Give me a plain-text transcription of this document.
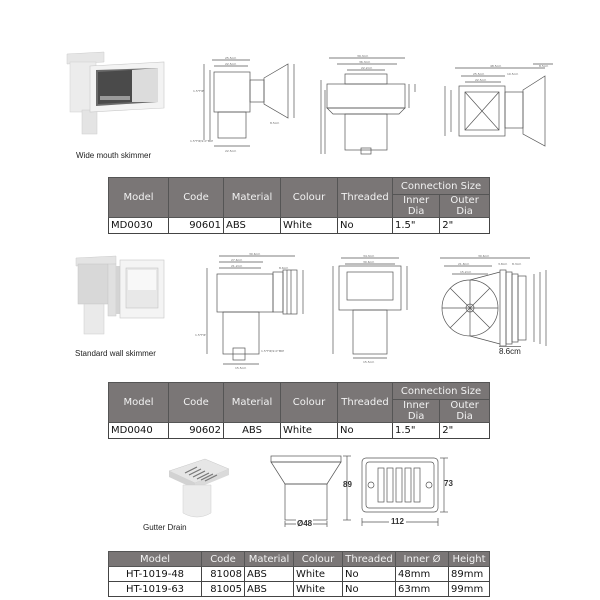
Wide mouth skimmer
25.5cm
22.5cm
1.5"FIP
1.5"FIP/2.0"MIP
22.5cm
8.5cm
39.3cm
36.3cm
22.2cm	48.5cm
25.5cm
22.5cm
10.5cm
8.5cm
Model	Code	Material	Colour	Threaded	Connection Size	
					Inner Dia	Outer Dia
MD0030	90601	ABS	White	No	1.5"	2"
Standard wall skimmer
30.6cm
27.6cm
21.2cm	8.6cm
1.5"FIP
1.5"FIP/2.0"MIP
15.5cm
34.3cm
30.6cm
15.5cm
30.6cm
21.8cm
15.2cm
3.8cm 8.3cm
8.6cm
Model	Code	Material	Colour	Threaded	Connection Size	
					Inner Dia	Outer Dia
MD0040	90602	ABS	White	No	1.5"	2"
Gutter Drain
89
Ø48
73
112
Model	Code	Material	Colour	Threaded	Inner Ø	Height
HT-1019-48	81008	ABS	White	No	48mm	89mm
HT-1019-63	81005	ABS	White	No	63mm	99mm
